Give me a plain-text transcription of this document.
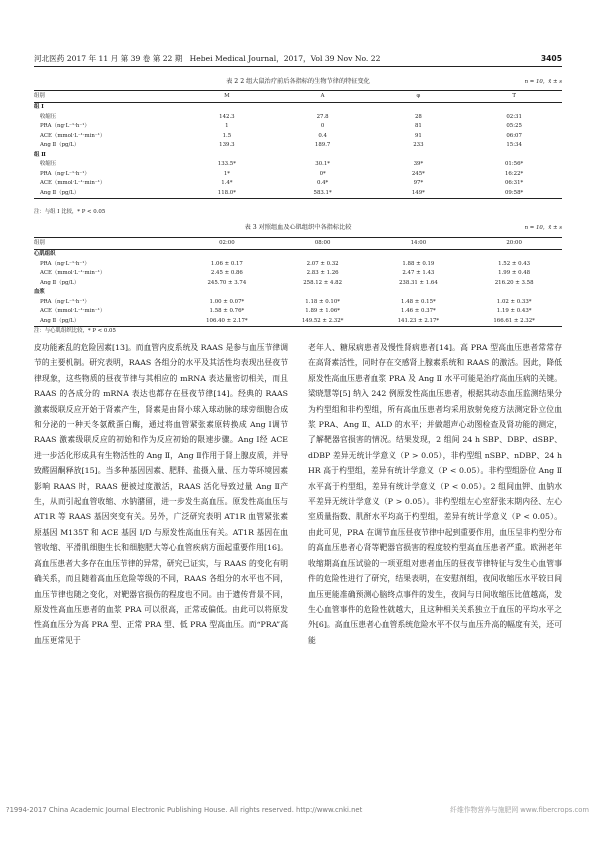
河北医药 2017 年 11 月 第 39 卷 第 22 期 Hebei Medical Journal，2017，Vol 39 Nov No. 22	3405
表 2 2 组大鼠治疗前后各指标的生物节律的特征变化	n = 10，x̄ ± s
组别	M	A	φ	T
组 Ⅰ				
收缩压	142.3	27.8	28	02:31
PRA（ng·L⁻¹·h⁻¹）	1	0	81	05:25
ACE（mmol·L⁻¹·min⁻¹）	1.5	0.4	91	06:07
Ang Ⅱ（pg/L）	139.3	189.7	233	15:34
组 Ⅱ				
收缩压	133.5*	30.1*	39*	01:56*
PRA（ng·L⁻¹·h⁻¹）	1*	0*	245*	16:22*
ACE（mmol·L⁻¹·min⁻¹）	1.4*	0.4*	97*	06:31*
Ang Ⅱ（pg/L）	118.0*	583.1*	149*	09:58*
注：与组 Ⅰ 比较，* P < 0.05
表 3 对照组血及心肌组织中各指标比较	n = 10，x̄ ± s
组别	02:00	08:00	14:00	20:00
心肌组织				
PRA（ng·L⁻¹·h⁻¹）	1.06 ± 0.17	2.07 ± 0.32	1.88 ± 0.19	1.52 ± 0.43
ACE（mmol·L⁻¹·min⁻¹）	2.45 ± 0.86	2.83 ± 1.26	2.47 ± 1.43	1.99 ± 0.48
Ang Ⅱ（pg/L）	245.70 ± 3.74	258.12 ± 4.82	238.31 ± 1.64	216.20 ± 3.58
血浆				
PRA（ng·L⁻¹·h⁻¹）	1.00 ± 0.07*	1.18 ± 0.10*	1.48 ± 0.15*	1.02 ± 0.33*
ACE（mmol·L⁻¹·min⁻¹）	1.58 ± 0.76*	1.89 ± 1.06*	1.46 ± 0.37*	1.19 ± 0.43*
Ang Ⅱ（pg/L）	106.40 ± 2.17*	149.52 ± 2.32*	141.23 ± 2.17*	166.61 ± 2.32*
注：与心肌组织比较，* P < 0.05

皮功能紊乱的危险因素[13]。而血管内皮系统及 RAAS 是参与血压节律调节的主要机制。研究表明，RAAS 各组分的水平及其活性均表现出昼夜节律现象，这些物质的昼夜节律与其相应的 mRNA 表达量密切相关，而且 RAAS 的各成分的 mRNA 表达也都存在昼夜节律[14]。经典的 RAAS 激素级联反应开始于肾素产生，肾素是由肾小球入球动脉的球旁细胞合成和分泌的一种天冬氨酰蛋白酶，通过将血管紧张素原转换成 Ang Ⅰ调节 RAAS 激素级联反应的初始和作为反应初始的限速步骤。Ang Ⅰ经 ACE 进一步活化形成具有生物活性的 Ang Ⅱ，Ang Ⅱ作用于肾上腺皮质，并导致醛固酮释放[15]。当多种基因因素、肥胖、盐摄入量、压力等环境因素影响 RAAS 时，RAAS 便被过度激活，RAAS 活化导致过量 Ang Ⅱ产生，从而引起血管收缩、水钠潴留，进一步发生高血压。原发性高血压与 AT1R 等 RAAS 基因突变有关。另外，广泛研究表明 AT1R 血管紧张素原基因 M135T 和 ACE 基因 I/D 与原发性高血压有关。AT1R 基因在血管收缩、平滑肌细胞生长和细胞肥大等心血管疾病方面起重要作用[16]。高血压患者大多存在血压节律的异常，研究已证实，与 RAAS 的变化有明确关系，而且随着高血压危险等级的不同，RAAS 各组分的水平也不同，血压节律也随之变化，对靶器官损伤的程度也不同。由于遗传背景不同，原发性高血压患者的血浆 PRA 可以很高，正常或偏低。由此可以将原发性高血压分为高 PRA 型、正常 PRA 型、低 PRA 型高血压。而“PRA”高血压更常见于

老年人、糖尿病患者及慢性肾病患者[14]。高 PRA 型高血压患者常常存在高肾素活性，同时存在交感肾上腺素系统和 RAAS 的激活。因此，降低原发性高血压患者血浆 PRA 及 Ang Ⅱ 水平可能是治疗高血压病的关键。梁晓慧等[5] 纳入 242 例原发性高血压患者，根据其动态血压监测结果分为杓型组和非杓型组，所有高血压患者均采用放射免疫方法测定卧立位血浆 PRA、Ang Ⅱ、ALD 的水平；并做超声心动图检查及肾功能的测定，了解靶器官损害的情况。结果发现，2 组间 24 h SBP、DBP、dSBP、dDBP 差异无统计学意义（P > 0.05），非杓型组 nSBP、nDBP、24 h HR 高于杓型组，差异有统计学意义（P < 0.05）。非杓型组卧位 Ang Ⅱ 水平高于杓型组，差异有统计学意义（P < 0.05）。2 组间血钾、血钠水平差异无统计学意义（P > 0.05）。非杓型组左心室舒张末期内径、左心室质量指数、肌酐水平均高于杓型组，差异有统计学意义（P < 0.05）。由此可见，PRA 在调节血压昼夜节律中起到重要作用，血压呈非杓型分布的高血压患者心肾等靶器官损害的程度较杓型高血压患者严重。欧洲老年收缩期高血压试验的一项亚组对患者血压的昼夜节律特征与发生心血管事件的危险性进行了研究，结果表明，在安慰剂组，夜间收缩压水平较日间血压更能准确预测心脑终点事件的发生，夜间与日间收缩压比值越高，发生心血管事件的危险性就越大，且这种相关关系独立于血压的平均水平之外[6]。高血压患者心血管系统危险水平不仅与血压升高的幅度有关，还可能

?1994-2017 China Academic Journal Electronic Publishing House. All rights reserved. http://www.cnki.net	纤维作物营养与施肥网 www.fibercrops.com
